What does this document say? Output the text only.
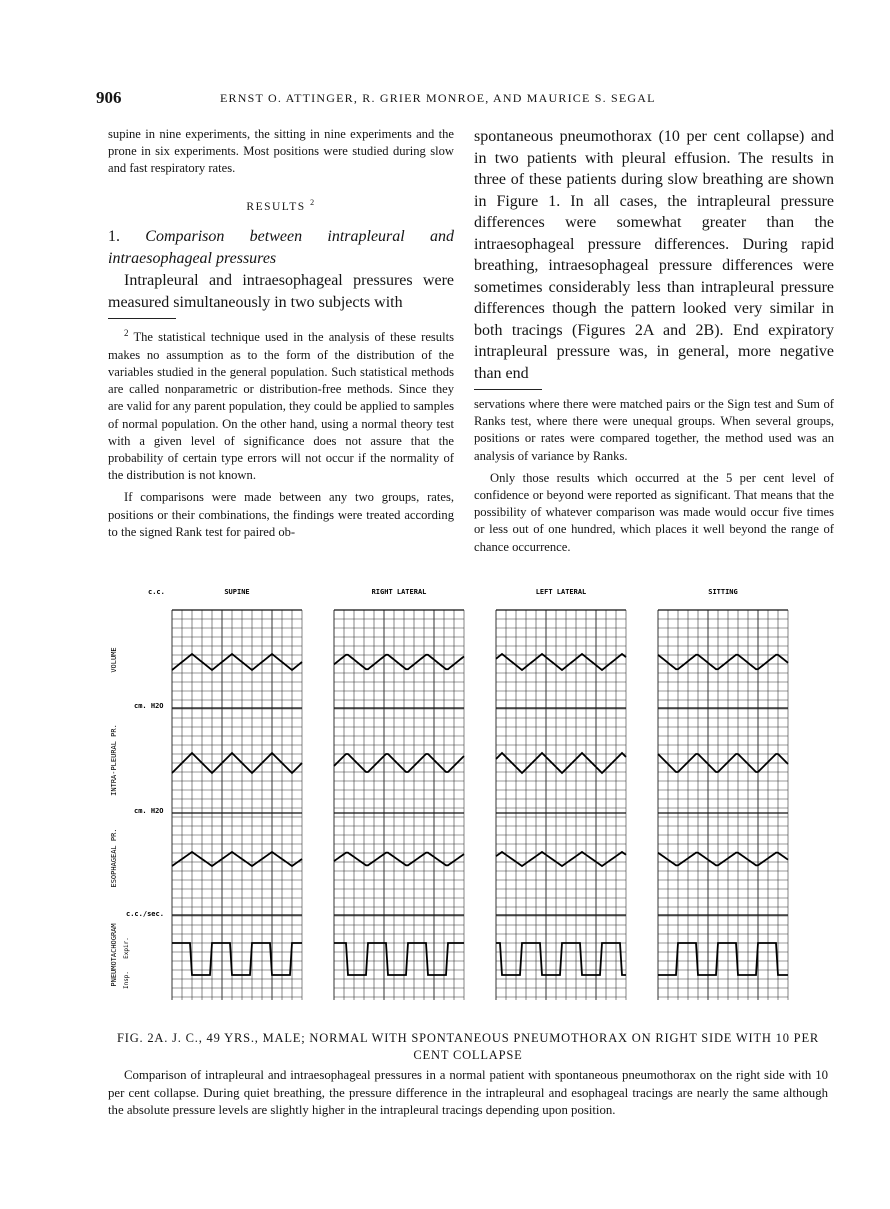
906	ERNST O. ATTINGER, R. GRIER MONROE, AND MAURICE S. SEGAL

supine in nine experiments, the sitting in nine experiments and the prone in six experiments. Most positions were studied during slow and fast respiratory rates.

RESULTS $^2$

1. Comparison between intrapleural and intraesophageal pressures

Intrapleural and intraesophageal pressures were measured simultaneously in two subjects with

$^2$ The statistical technique used in the analysis of these results makes no assumption as to the form of the distribution of the variables studied in the general population. Such statistical methods are called nonparametric or distribution-free methods. Since they are valid for any parent population, they could be applied to samples of normal population. On the other hand, using a normal theory test with a given level of significance does not assure that the probability of certain type errors will not occur if the normality of the distribution is not known.

If comparisons were made between any two groups, rates, positions or their combinations, the findings were treated according to the signed Rank test for paired ob-

spontaneous pneumothorax (10 per cent collapse) and in two patients with pleural effusion. The results in three of these patients during slow breathing are shown in Figure 1. In all cases, the intrapleural pressure differences were somewhat greater than the intraesophageal pressure differences. During rapid breathing, intraesophageal pressure differences were sometimes considerably less than intrapleural pressure differences though the pattern looked very similar in both tracings (Figures 2A and 2B). End expiratory intrapleural pressure was, in general, more negative than end

servations where there were matched pairs or the Sign test and Sum of Ranks test, where there were unequal groups. When several groups, positions or rates were compared together, the method used was an analysis of variance by Ranks.

Only those results which occurred at the 5 per cent level of confidence or beyond were reported as significant. That means that the possibility of whatever comparison was made would occur five times or less out of one hundred, which places it well beyond the range of chance occurrence.

VOLUME
INTRA-PLEURAL PR.
ESOPHAGEAL PR.
PNEUMOTACHOGRAM Expir.
Insp.
c.c.
cm. H2O
cm. H2O
c.c./sec.
SUPINE	RIGHT LATERAL	LEFT LATERAL	SITTING
FIG. 2A. J. C., 49 YRS., MALE; NORMAL WITH SPONTANEOUS PNEUMOTHORAX ON RIGHT SIDE WITH 10 PER CENT COLLAPSE

Comparison of intrapleural and intraesophageal pressures in a normal patient with spontaneous pneumothorax on the right side with 10 per cent collapse. During quiet breathing, the pressure difference in the intrapleural and esophageal tracings are nearly the same although the absolute pressure levels are slightly higher in the intrapleural tracings depending upon position.
